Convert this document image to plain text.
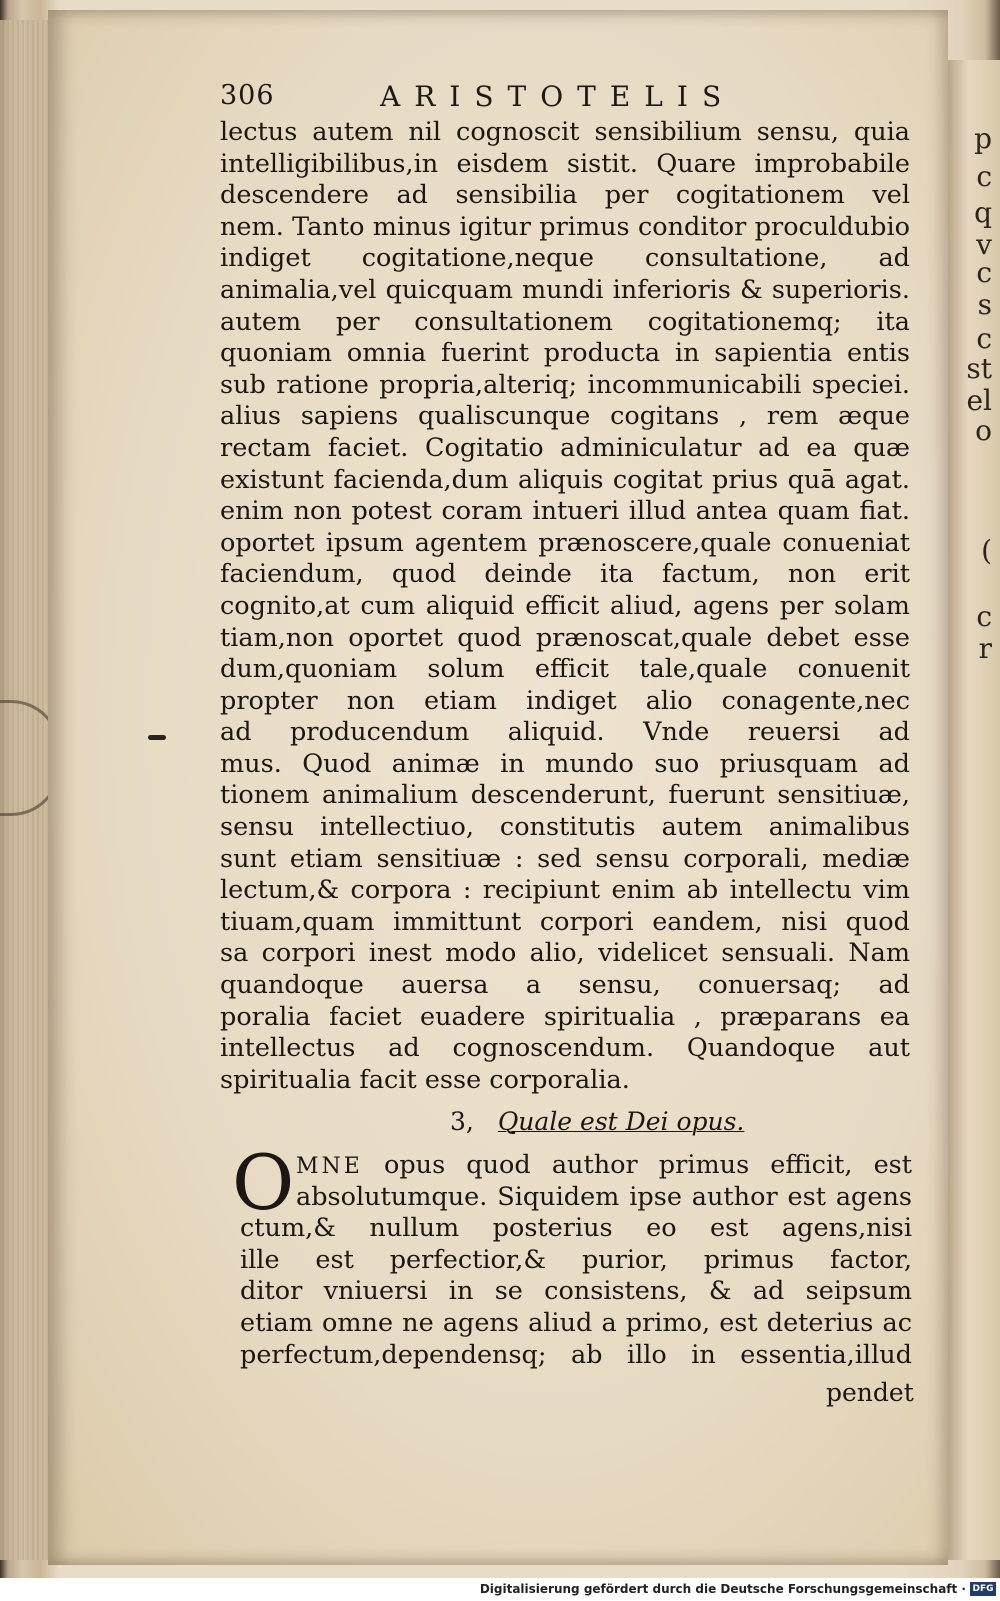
p
c
q
v
c
s
c
st
el
o
(
c
r
306	ARISTOTELIS
lectus autem nil cognoscit sensibilium sensu, quia
intelligibilibus,in eisdem sistit. Quare improbabile
descendere ad sensibilia per cogitationem vel
nem. Tanto minus igitur primus conditor proculdubio
indiget cogitatione,neque consultatione, ad
animalia,vel quicquam mundi inferioris & superioris.
autem per consultationem cogitationemq; ita
quoniam omnia fuerint producta in sapientia entis
sub ratione propria,alteriq; incommunicabili speciei.
alius sapiens qualiscunque cogitans , rem æque
rectam faciet. Cogitatio adminiculatur ad ea quæ
existunt facienda,dum aliquis cogitat prius quā agat.
enim non potest coram intueri illud antea quam fiat.
oportet ipsum agentem prænoscere,quale conueniat
faciendum, quod deinde ita factum, non erit
cognito,at cum aliquid efficit aliud, agens per solam
tiam,non oportet quod prænoscat,quale debet esse
dum,quoniam solum efficit tale,quale conuenit
propter non etiam indiget alio conagente,nec
ad producendum aliquid. Vnde reuersi ad
mus. Quod animæ in mundo suo priusquam ad
tionem animalium descenderunt, fuerunt sensitiuæ,
sensu intellectiuo, constitutis autem animalibus
sunt etiam sensitiuæ : sed sensu corporali, mediæ
lectum,& corpora : recipiunt enim ab intellectu vim
tiuam,quam immittunt corpori eandem, nisi quod
sa corpori inest modo alio, videlicet sensuali. Nam
quandoque auersa a sensu, conuersaq; ad
poralia faciet euadere spiritualia , præparans ea
intellectus ad cognoscendum. Quandoque aut
spiritualia facit esse corporalia.
3, Quale est Dei opus.
O MNE opus quod author primus efficit, est
absolutumque. Siquidem ipse author est agens
ctum,& nullum posterius eo est agens,nisi
ille est perfectior,& purior, primus factor,
ditor vniuersi in se consistens, & ad seipsum
etiam omne ne agens aliud a primo, est deterius ac
perfectum,dependensq; ab illo in essentia,illud
pendet
Digitalisierung gefördert durch die Deutsche Forschungsgemeinschaft · DFG
